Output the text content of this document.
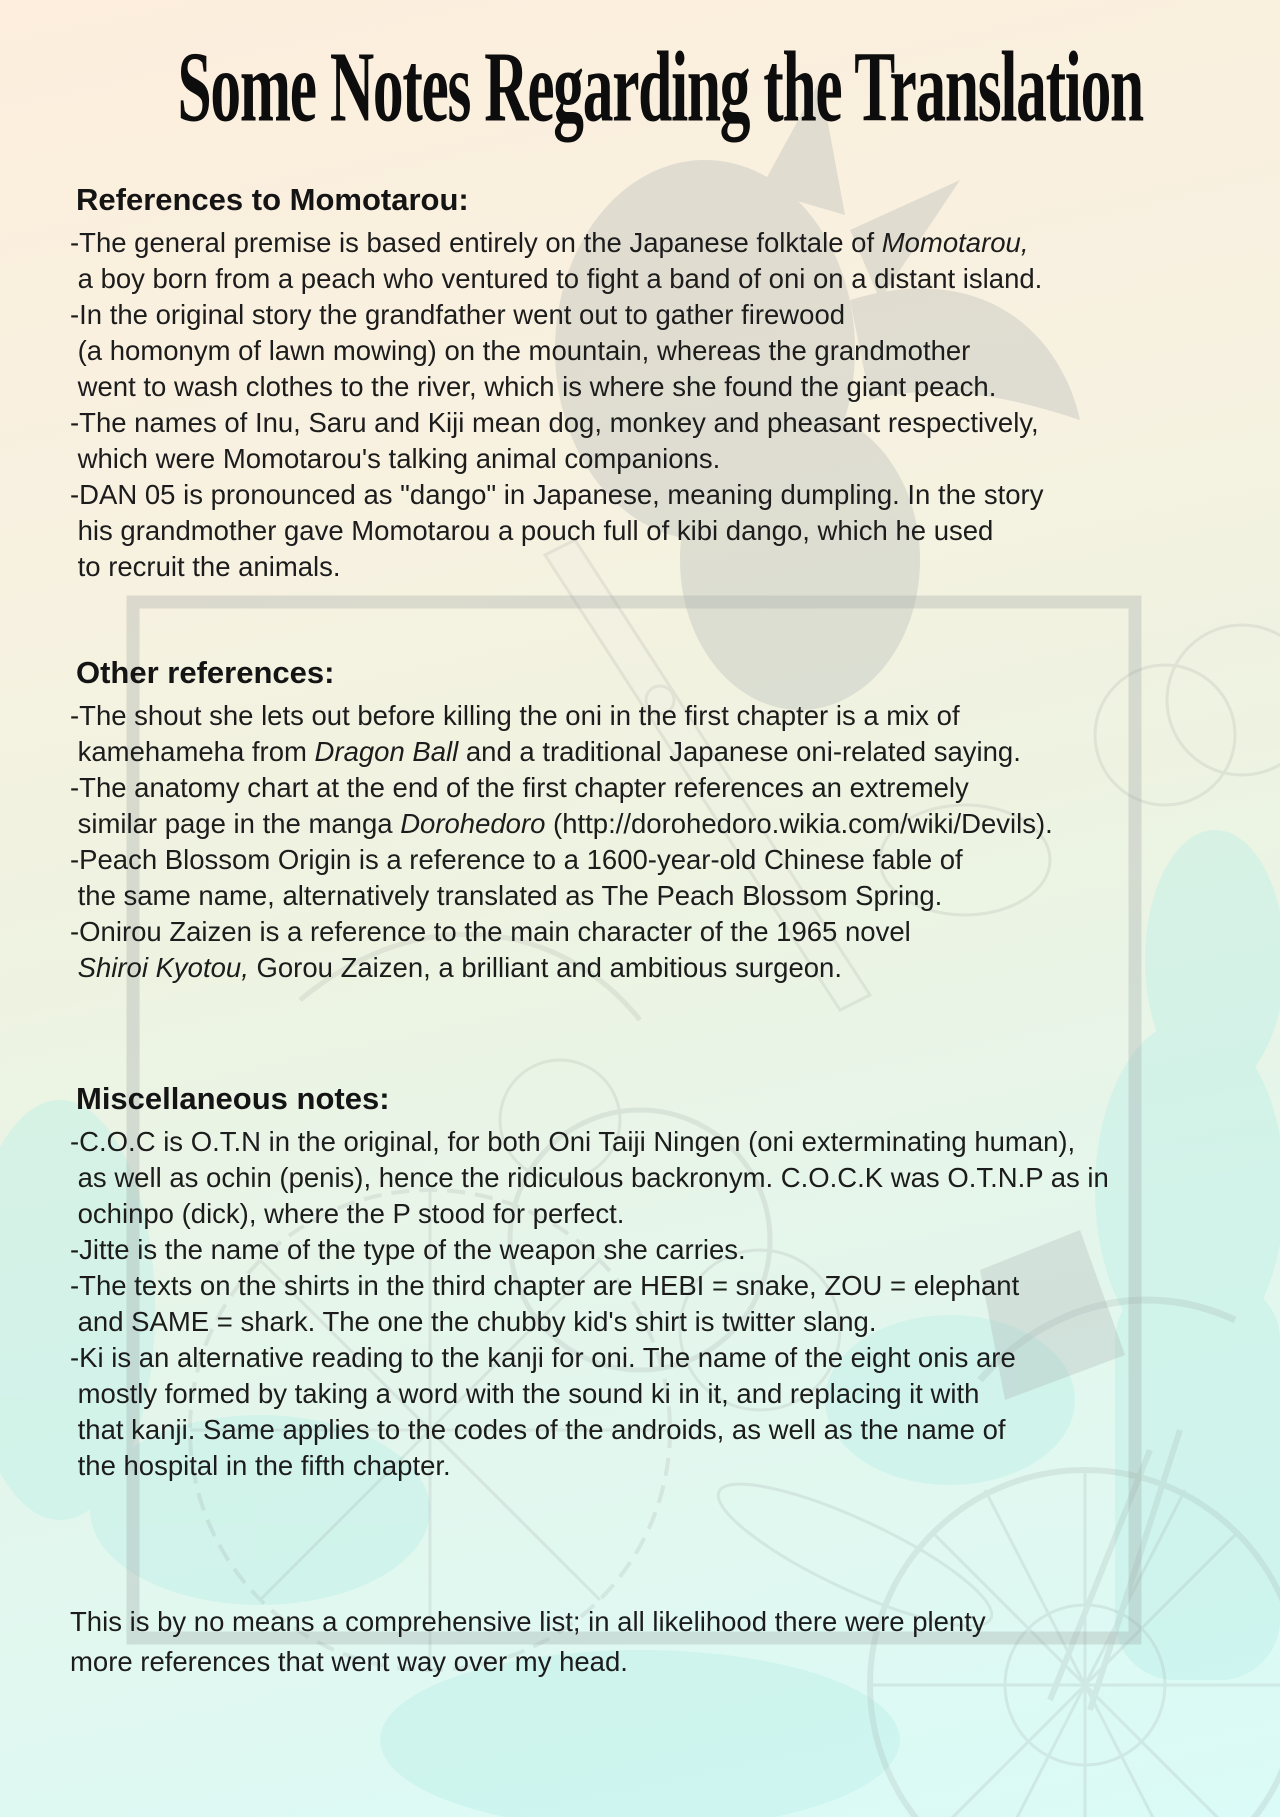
Some Notes Regarding the Translation
References to Momotarou:
-The general premise is based entirely on the Japanese folktale of Momotarou,
a boy born from a peach who ventured to fight a band of oni on a distant island.
-In the original story the grandfather went out to gather firewood
(a homonym of lawn mowing) on the mountain, whereas the grandmother
went to wash clothes to the river, which is where she found the giant peach.
-The names of Inu, Saru and Kiji mean dog, monkey and pheasant respectively,
which were Momotarou's talking animal companions.
-DAN 05 is pronounced as "dango" in Japanese, meaning dumpling. In the story
his grandmother gave Momotarou a pouch full of kibi dango, which he used
to recruit the animals.
Other references:
-The shout she lets out before killing the oni in the first chapter is a mix of
kamehameha from Dragon Ball and a traditional Japanese oni-related saying.
-The anatomy chart at the end of the first chapter references an extremely
similar page in the manga Dorohedoro (http://dorohedoro.wikia.com/wiki/Devils).
-Peach Blossom Origin is a reference to a 1600-year-old Chinese fable of
the same name, alternatively translated as The Peach Blossom Spring.
-Onirou Zaizen is a reference to the main character of the 1965 novel
Shiroi Kyotou, Gorou Zaizen, a brilliant and ambitious surgeon.
Miscellaneous notes:
-C.O.C is O.T.N in the original, for both Oni Taiji Ningen (oni exterminating human),
as well as ochin (penis), hence the ridiculous backronym. C.O.C.K was O.T.N.P as in
ochinpo (dick), where the P stood for perfect.
-Jitte is the name of the type of the weapon she carries.
-The texts on the shirts in the third chapter are HEBI = snake, ZOU = elephant
and SAME = shark. The one the chubby kid's shirt is twitter slang.
-Ki is an alternative reading to the kanji for oni. The name of the eight onis are
mostly formed by taking a word with the sound ki in it, and replacing it with
that kanji. Same applies to the codes of the androids, as well as the name of
the hospital in the fifth chapter.
This is by no means a comprehensive list; in all likelihood there were plenty
more references that went way over my head.
